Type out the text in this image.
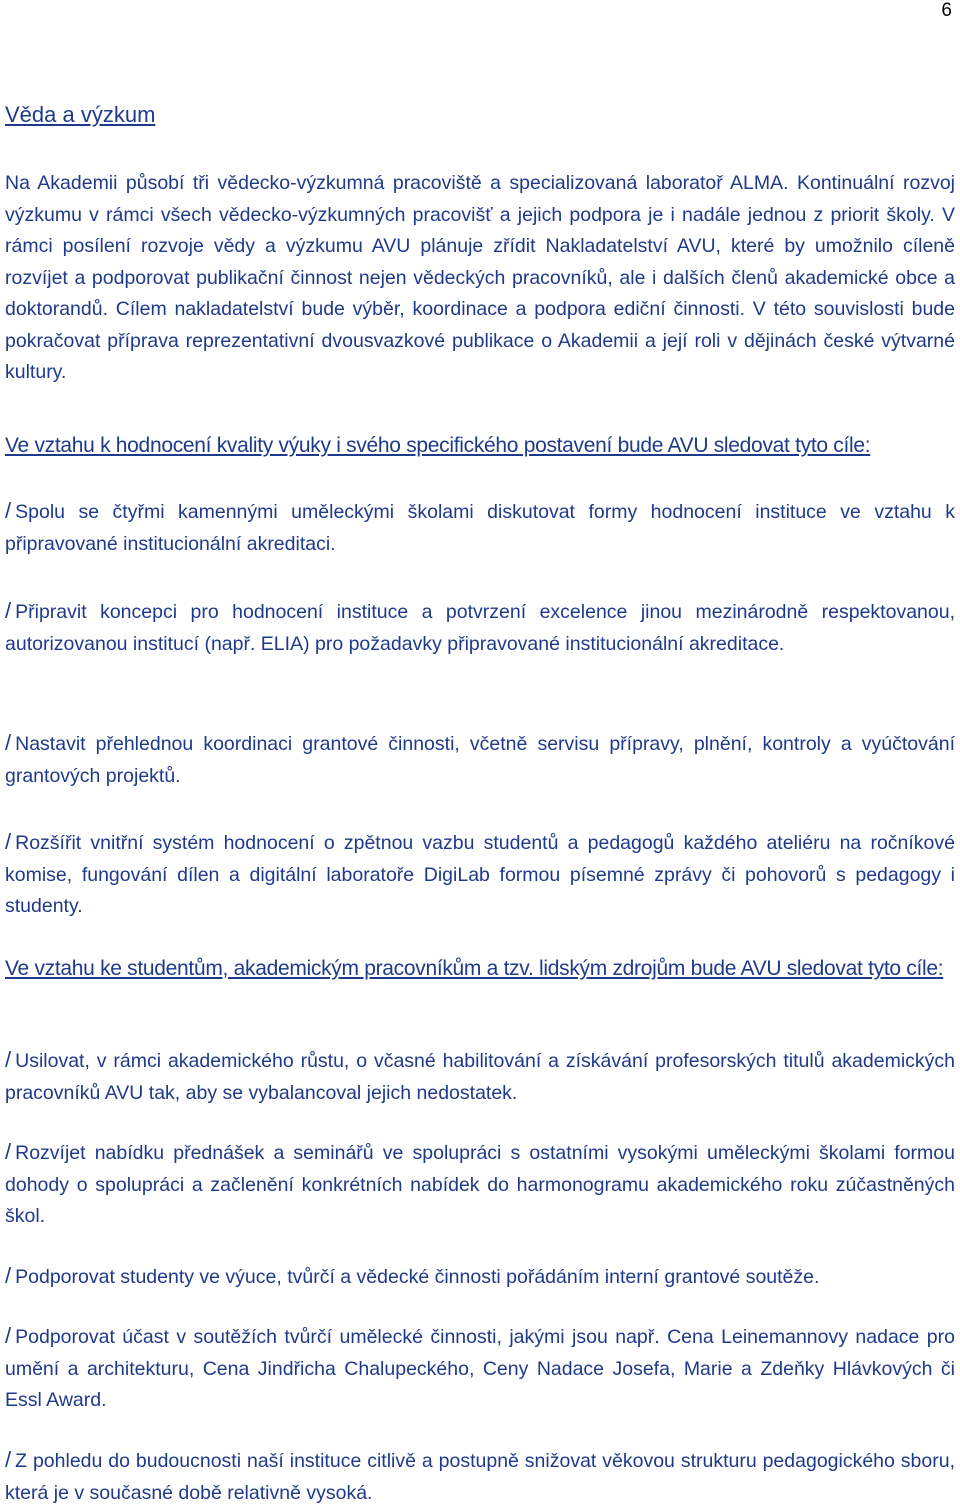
6
Věda a výzkum

Na Akademii působí tři vědecko-výzkumná pracoviště a specializovaná laboratoř ALMA. Kontinuální rozvoj výzkumu v rámci všech vědecko-výzkumných pracovišť a jejich podpora je i nadále jednou z priorit školy. V rámci posílení rozvoje vědy a výzkumu AVU plánuje zřídit Nakladatelství AVU, které by umožnilo cíleně rozvíjet a podporovat publikační činnost nejen vědeckých pracovníků, ale i dalších členů akademické obce a doktorandů. Cílem nakladatelství bude výběr, koordinace a podpora ediční činnosti. V této souvislosti bude pokračovat příprava reprezentativní dvousvazkové publikace o Akademii a její roli v dějinách české výtvarné kultury.

Ve vztahu k hodnocení kvality výuky i svého specifického postavení bude AVU sledovat tyto cíle:

/ Spolu se čtyřmi kamennými uměleckými školami diskutovat formy hodnocení instituce ve vztahu k připravované institucionální akreditaci.

/ Připravit koncepci pro hodnocení instituce a potvrzení excelence jinou mezinárodně respektovanou, autorizovanou institucí (např. ELIA) pro požadavky připravované institucionální akreditace.

/ Nastavit přehlednou koordinaci grantové činnosti, včetně servisu přípravy, plnění, kontroly a vyúčtování grantových projektů.

/ Rozšířit vnitřní systém hodnocení o zpětnou vazbu studentů a pedagogů každého ateliéru na ročníkové komise, fungování dílen a digitální laboratoře DigiLab formou písemné zprávy či pohovorů s pedagogy i studenty.

Ve vztahu ke studentům, akademickým pracovníkům a tzv. lidským zdrojům bude AVU sledovat tyto cíle:

/ Usilovat, v rámci akademického růstu, o včasné habilitování a získávání profesorských titulů akademických pracovníků AVU tak, aby se vybalancoval jejich nedostatek.

/ Rozvíjet nabídku přednášek a seminářů ve spolupráci s ostatními vysokými uměleckými školami formou dohody o spolupráci a začlenění konkrétních nabídek do harmonogramu akademického roku zúčastněných škol.

/ Podporovat studenty ve výuce, tvůrčí a vědecké činnosti pořádáním interní grantové soutěže.

/ Podporovat účast v soutěžích tvůrčí umělecké činnosti, jakými jsou např. Cena Leinemannovy nadace pro umění a architekturu, Cena Jindřicha Chalupeckého, Ceny Nadace Josefa, Marie a Zdeňky Hlávkových či Essl Award.

/ Z pohledu do budoucnosti naší instituce citlivě a postupně snižovat věkovou strukturu pedagogického sboru, která je v současné době relativně vysoká.
